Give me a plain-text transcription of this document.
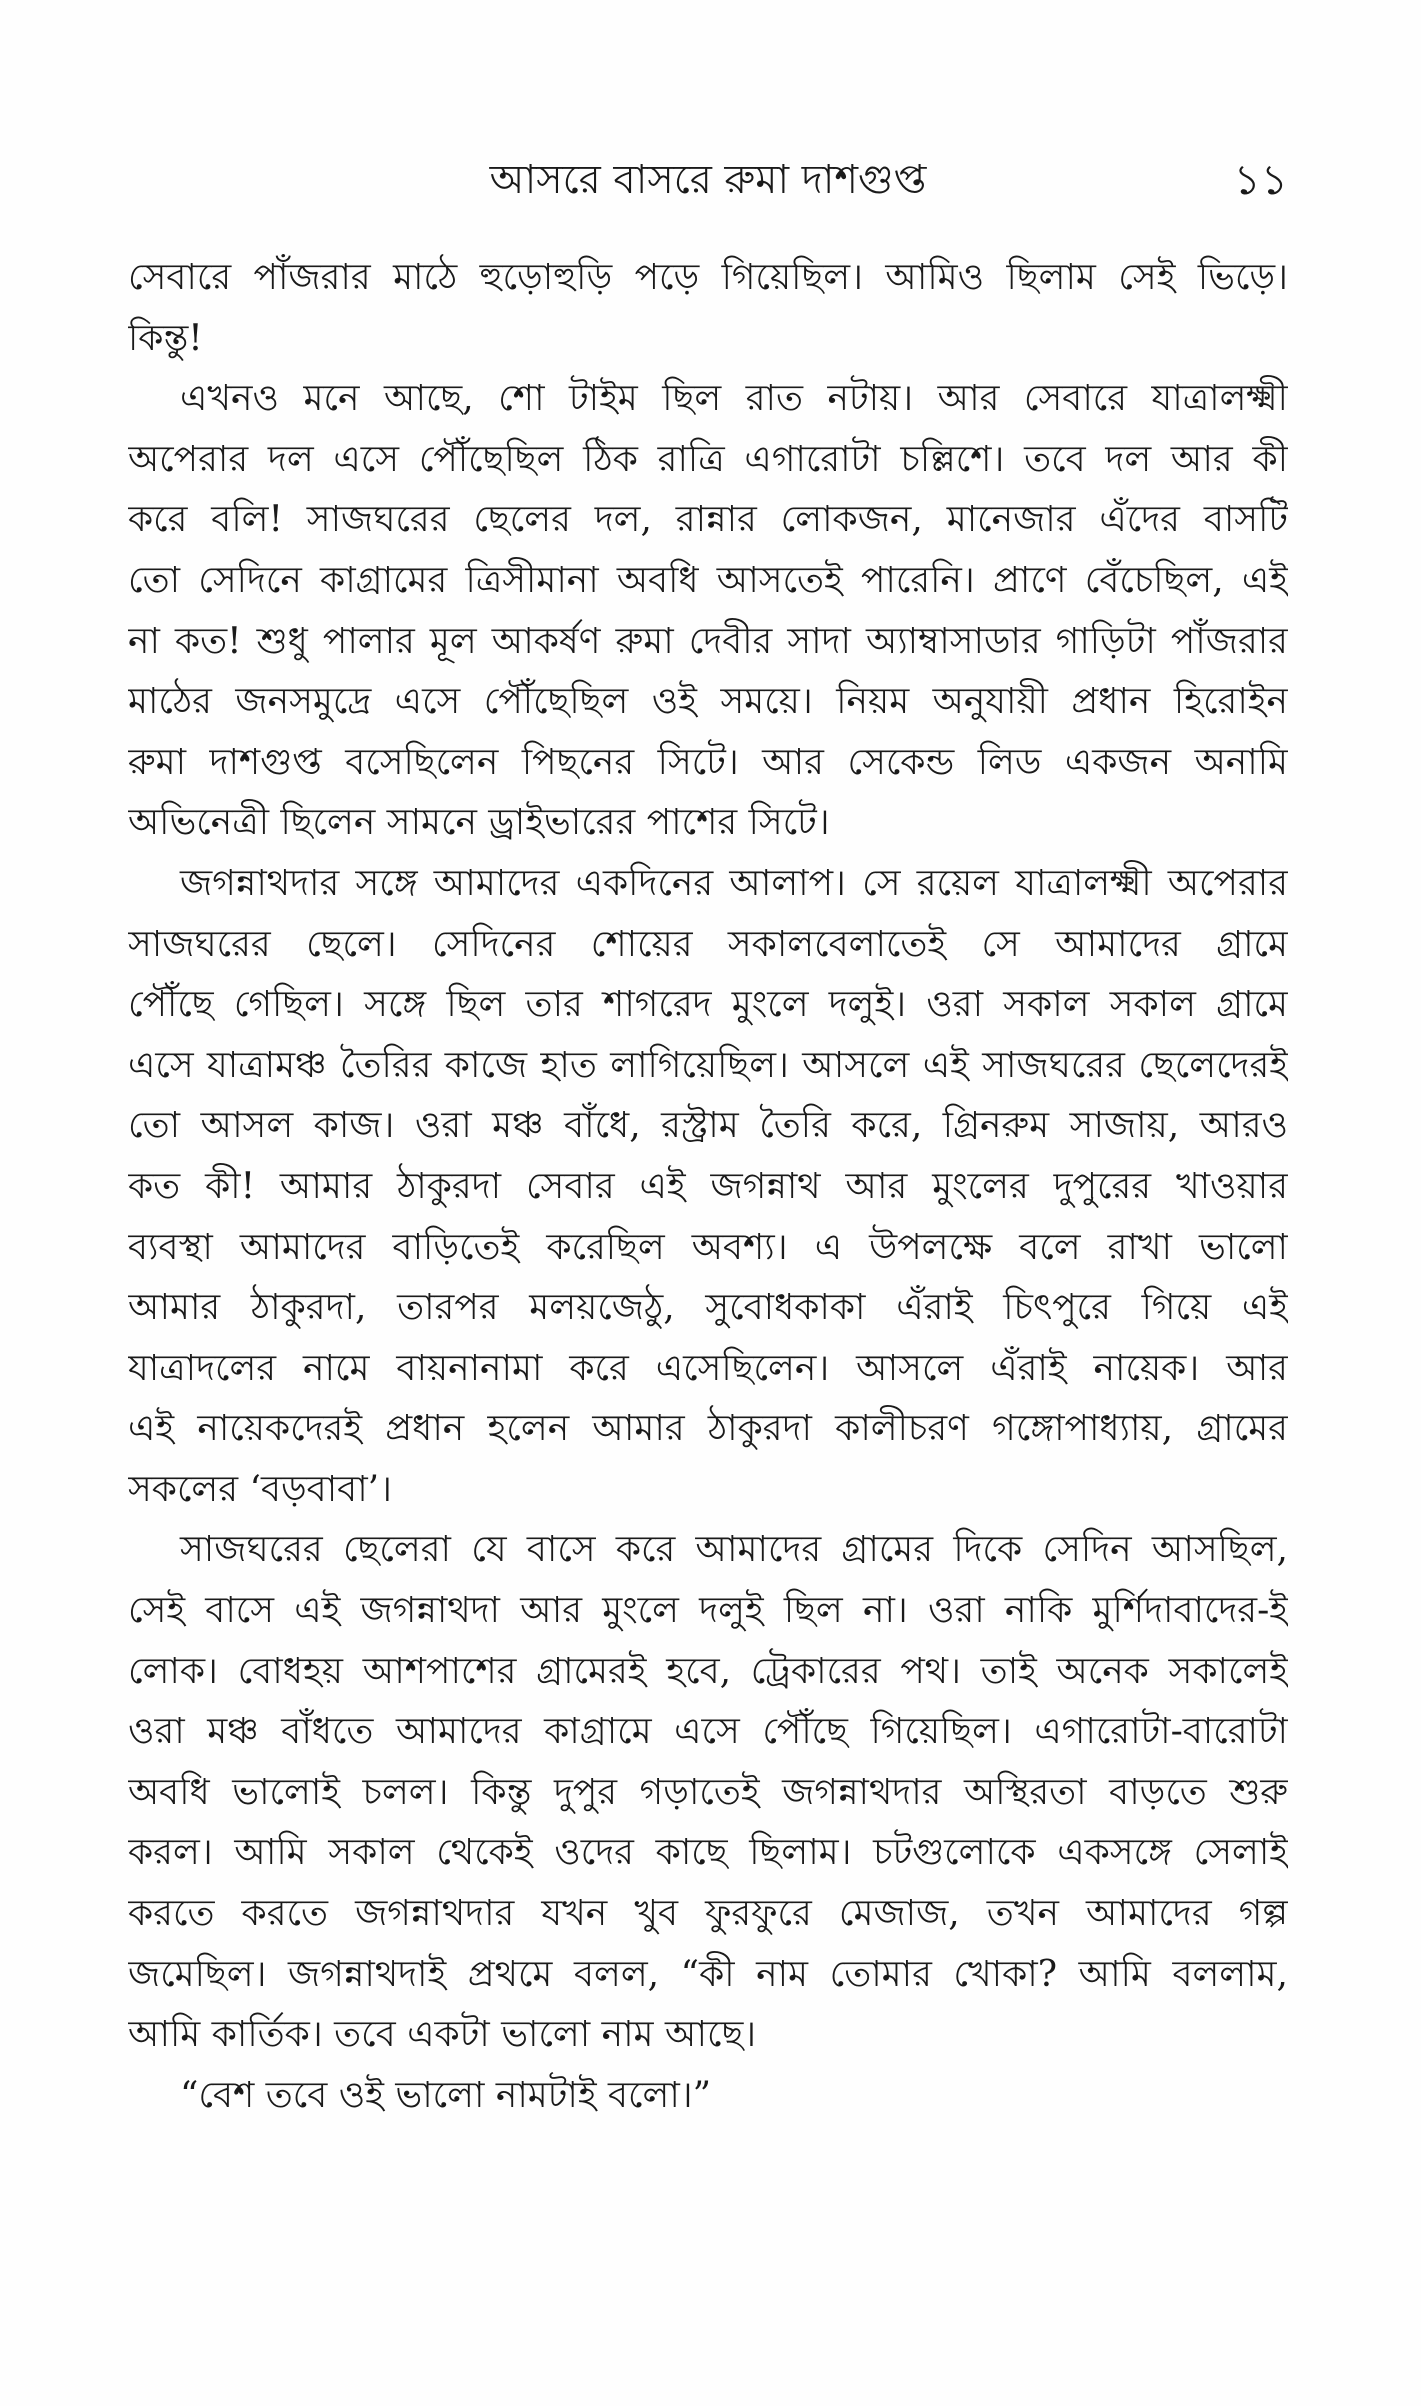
আসরে বাসরে রুমা দাশগুপ্ত	১১
সেবারে পাঁজরার মাঠে হুড়োহুড়ি পড়ে গিয়েছিল। আমিও ছিলাম সেই ভিড়ে।
কিন্তু!
এখনও মনে আছে, শো টাইম ছিল রাত নটায়। আর সেবারে যাত্রালক্ষ্মী
অপেরার দল এসে পৌঁছেছিল ঠিক রাত্রি এগারোটা চল্লিশে। তবে দল আর কী
করে বলি! সাজঘরের ছেলের দল, রান্নার লোকজন, মানেজার এঁদের বাসটি
তো সেদিনে কাগ্রামের ত্রিসীমানা অবধি আসতেই পারেনি। প্রাণে বেঁচেছিল, এই
না কত! শুধু পালার মূল আকর্ষণ রুমা দেবীর সাদা অ্যাম্বাসাডার গাড়িটা পাঁজরার
মাঠের জনসমুদ্রে এসে পৌঁছেছিল ওই সময়ে। নিয়ম অনুযায়ী প্রধান হিরোইন
রুমা দাশগুপ্ত বসেছিলেন পিছনের সিটে। আর সেকেন্ড লিড একজন অনামি
অভিনেত্রী ছিলেন সামনে ড্রাইভারের পাশের সিটে।
জগন্নাথদার সঙ্গে আমাদের একদিনের আলাপ। সে রয়েল যাত্রালক্ষ্মী অপেরার
সাজঘরের ছেলে। সেদিনের শোয়ের সকালবেলাতেই সে আমাদের গ্রামে
পৌঁছে গেছিল। সঙ্গে ছিল তার শাগরেদ মুংলে দলুই। ওরা সকাল সকাল গ্রামে
এসে যাত্রামঞ্চ তৈরির কাজে হাত লাগিয়েছিল। আসলে এই সাজঘরের ছেলেদেরই
তো আসল কাজ। ওরা মঞ্চ বাঁধে, রস্ট্রাম তৈরি করে, গ্রিনরুম সাজায়, আরও
কত কী! আমার ঠাকুরদা সেবার এই জগন্নাথ আর মুংলের দুপুরের খাওয়ার
ব্যবস্থা আমাদের বাড়িতেই করেছিল অবশ্য। এ উপলক্ষে বলে রাখা ভালো
আমার ঠাকুরদা, তারপর মলয়জেঠু, সুবোধকাকা এঁরাই চিৎপুরে গিয়ে এই
যাত্রাদলের নামে বায়নানামা করে এসেছিলেন। আসলে এঁরাই নায়েক। আর
এই নায়েকদেরই প্রধান হলেন আমার ঠাকুরদা কালীচরণ গঙ্গোপাধ্যায়, গ্রামের
সকলের ‘বড়বাবা’।
সাজঘরের ছেলেরা যে বাসে করে আমাদের গ্রামের দিকে সেদিন আসছিল,
সেই বাসে এই জগন্নাথদা আর মুংলে দলুই ছিল না। ওরা নাকি মুর্শিদাবাদের-ই
লোক। বোধহয় আশপাশের গ্রামেরই হবে, ট্রেকারের পথ। তাই অনেক সকালেই
ওরা মঞ্চ বাঁধতে আমাদের কাগ্রামে এসে পৌঁছে গিয়েছিল। এগারোটা-বারোটা
অবধি ভালোই চলল। কিন্তু দুপুর গড়াতেই জগন্নাথদার অস্থিরতা বাড়তে শুরু
করল। আমি সকাল থেকেই ওদের কাছে ছিলাম। চটগুলোকে একসঙ্গে সেলাই
করতে করতে জগন্নাথদার যখন খুব ফুরফুরে মেজাজ, তখন আমাদের গল্প
জমেছিল। জগন্নাথদাই প্রথমে বলল, “কী নাম তোমার খোকা? আমি বললাম,
আমি কার্তিক। তবে একটা ভালো নাম আছে।
“বেশ তবে ওই ভালো নামটাই বলো।”
